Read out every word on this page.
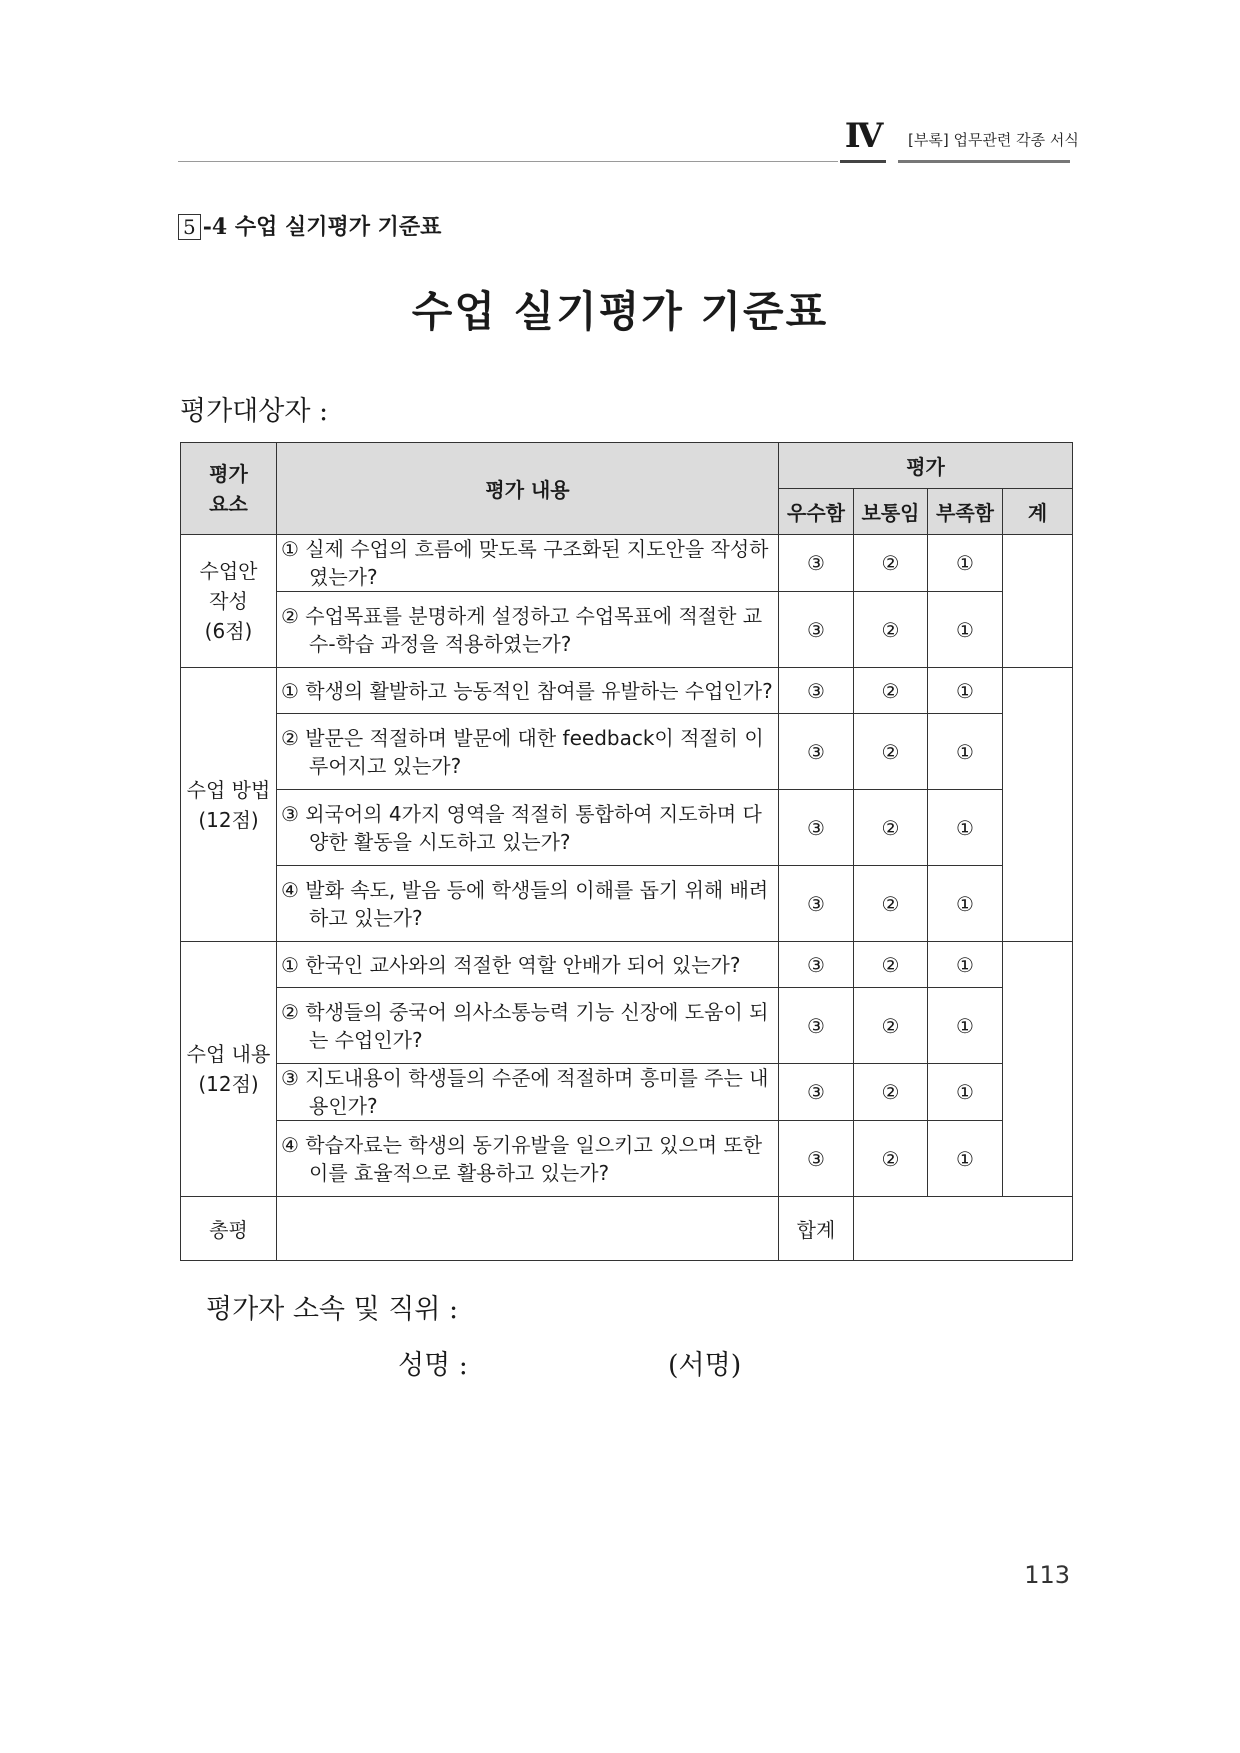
Ⅳ [부록] 업무관련 각종 서식
5 -4 수업 실기평가 기준표
수업 실기평가 기준표
평가대상자 :
평가
요소	평가 내용	평가			
		우수함	보통임	부족함	계
수업안
작성
(6점)	① 실제 수업의 흐름에 맞도록 구조화된 지도안을 작성하였는가?	③	②	①	

	② 수업목표를 분명하게 설정하고 수업목표에 적절한 교수-학습 과정을 적용하였는가?	③	②	①	
수업 방법
(12점)	① 학생의 활발하고 능동적인 참여를 유발하는 수업인가?	③	②	①	

	② 발문은 적절하며 발문에 대한 feedback이 적절히 이루어지고 있는가?	③	②	①	

	③ 외국어의 4가지 영역을 적절히 통합하여 지도하며 다양한 활동을 시도하고 있는가?	③	②	①	

	④ 발화 속도, 발음 등에 학생들의 이해를 돕기 위해 배려하고 있는가?	③	②	①	
수업 내용
(12점)	① 한국인 교사와의 적절한 역할 안배가 되어 있는가?	③	②	①	

	② 학생들의 중국어 의사소통능력 기능 신장에 도움이 되는 수업인가?	③	②	①	

	③ 지도내용이 학생들의 수준에 적절하며 흥미를 주는 내용인가?	③	②	①	

	④ 학습자료는 학생의 동기유발을 일으키고 있으며 또한 이를 효율적으로 활용하고 있는가?	③	②	①	
총평		합계			
평가자 소속 및 직위 :
성명 :	(서명)
113
